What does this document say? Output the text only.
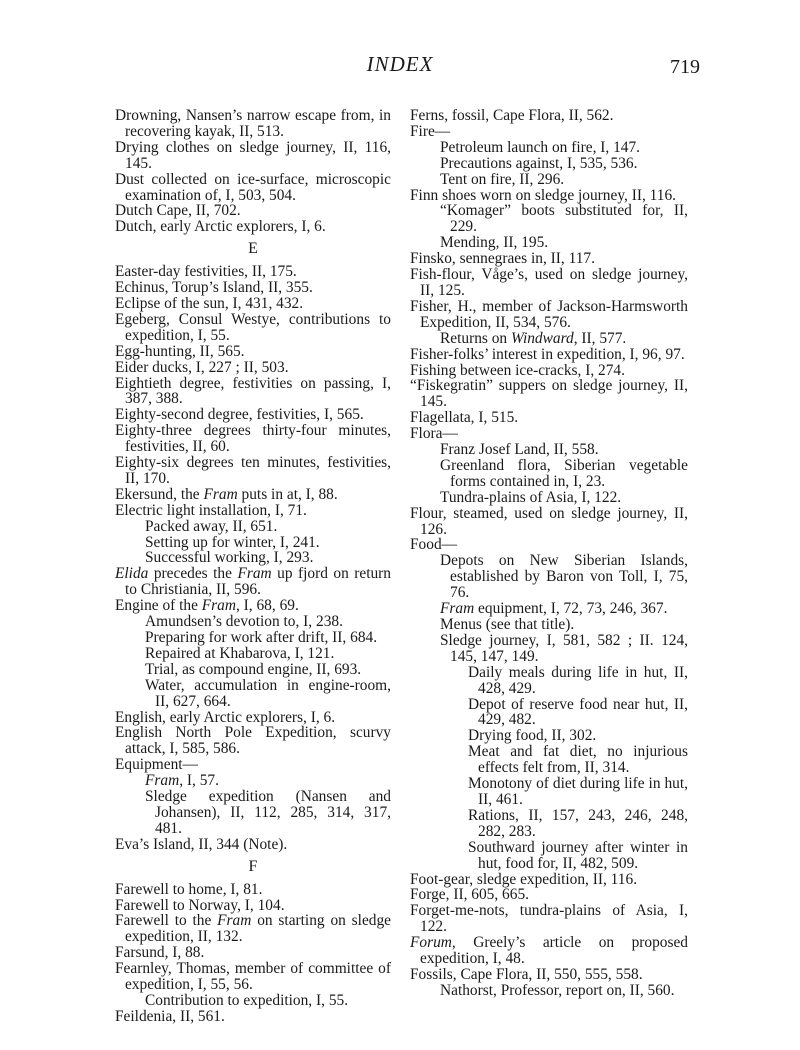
INDEX	719
Drowning, Nansen’s narrow escape from, in recovering kayak, II, 513.
Drying clothes on sledge journey, II, 116, 145.
Dust collected on ice-surface, microscopic examination of, I, 503, 504.
Dutch Cape, II, 702.
Dutch, early Arctic explorers, I, 6.
E
Easter-day festivities, II, 175.
Echinus, Torup’s Island, II, 355.
Eclipse of the sun, I, 431, 432.
Egeberg, Consul Westye, contributions to expedition, I, 55.
Egg-hunting, II, 565.
Eider ducks, I, 227 ; II, 503.
Eightieth degree, festivities on passing, I, 387, 388.
Eighty-second degree, festivities, I, 565.
Eighty-three degrees thirty-four minutes, festivities, II, 60.
Eighty-six degrees ten minutes, festivities, II, 170.
Ekersund, the Fram puts in at, I, 88.
Electric light installation, I, 71.
Packed away, II, 651.
Setting up for winter, I, 241.
Successful working, I, 293.
Elida precedes the Fram up fjord on return to Christiania, II, 596.
Engine of the Fram, I, 68, 69.
Amundsen’s devotion to, I, 238.
Preparing for work after drift, II, 684.
Repaired at Khabarova, I, 121.
Trial, as compound engine, II, 693.
Water, accumulation in engine-room, II, 627, 664.
English, early Arctic explorers, I, 6.
English North Pole Expedition, scurvy attack, I, 585, 586.
Equipment—
Fram, I, 57.
Sledge expedition (Nansen and Johansen), II, 112, 285, 314, 317, 481.
Eva’s Island, II, 344 (Note).
F
Farewell to home, I, 81.
Farewell to Norway, I, 104.
Farewell to the Fram on starting on sledge expedition, II, 132.
Farsund, I, 88.
Fearnley, Thomas, member of committee of expedition, I, 55, 56.
Contribution to expedition, I, 55.
Feildenia, II, 561.
Ferns, fossil, Cape Flora, II, 562.
Fire—
Petroleum launch on fire, I, 147.
Precautions against, I, 535, 536.
Tent on fire, II, 296.
Finn shoes worn on sledge journey, II, 116.
“Komager” boots substituted for, II, 229.
Mending, II, 195.
Finsko, sennegraes in, II, 117.
Fish-flour, Våge’s, used on sledge journey, II, 125.
Fisher, H., member of Jackson-Harmsworth Expedition, II, 534, 576.
Returns on Windward, II, 577.
Fisher-folks’ interest in expedition, I, 96, 97.
Fishing between ice-cracks, I, 274.
“Fiskegratin” suppers on sledge journey, II, 145.
Flagellata, I, 515.
Flora—
Franz Josef Land, II, 558.
Greenland flora, Siberian vegetable forms contained in, I, 23.
Tundra-plains of Asia, I, 122.
Flour, steamed, used on sledge journey, II, 126.
Food—
Depots on New Siberian Islands, established by Baron von Toll, I, 75, 76.
Fram equipment, I, 72, 73, 246, 367.
Menus (see that title).
Sledge journey, I, 581, 582 ; II. 124, 145, 147, 149.
Daily meals during life in hut, II, 428, 429.
Depot of reserve food near hut, II, 429, 482.
Drying food, II, 302.
Meat and fat diet, no injurious effects felt from, II, 314.
Monotony of diet during life in hut, II, 461.
Rations, II, 157, 243, 246, 248, 282, 283.
Southward journey after winter in hut, food for, II, 482, 509.
Foot-gear, sledge expedition, II, 116.
Forge, II, 605, 665.
Forget-me-nots, tundra-plains of Asia, I, 122.
Forum, Greely’s article on proposed expedition, I, 48.
Fossils, Cape Flora, II, 550, 555, 558.
Nathorst, Professor, report on, II, 560.
